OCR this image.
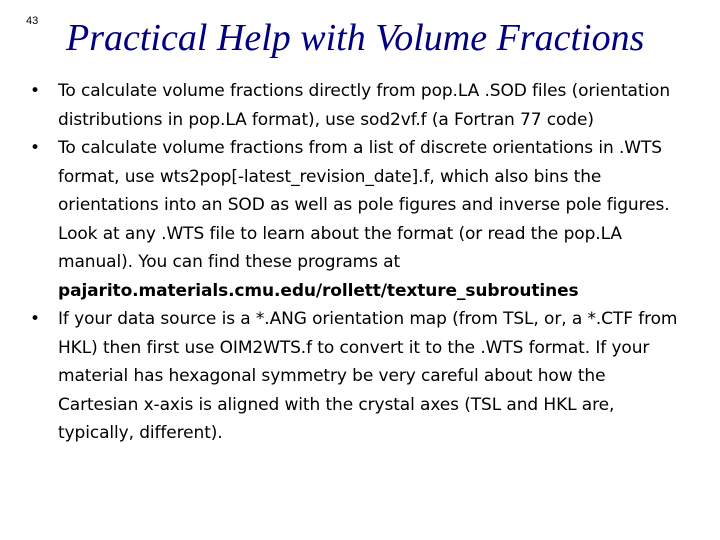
43 Practical Help with Volume Fractions
• To calculate volume fractions directly from pop.LA .SOD files (orientation distributions in pop.LA format), use sod2vf.f (a Fortran 77 code)
• To calculate volume fractions from a list of discrete orientations in .WTS format, use wts2pop[-latest_revision_date].f, which also bins the orientations into an SOD as well as pole figures and inverse pole figures. Look at any .WTS file to learn about the format (or read the pop.LA manual). You can find these programs at
pajarito.materials.cmu.edu/rollett/texture_subroutines
• If your data source is a *.ANG orientation map (from TSL, or, a *.CTF from HKL) then first use OIM2WTS.f to convert it to the .WTS format. If your material has hexagonal symmetry be very careful about how the Cartesian x-axis is aligned with the crystal axes (TSL and HKL are, typically, different).
